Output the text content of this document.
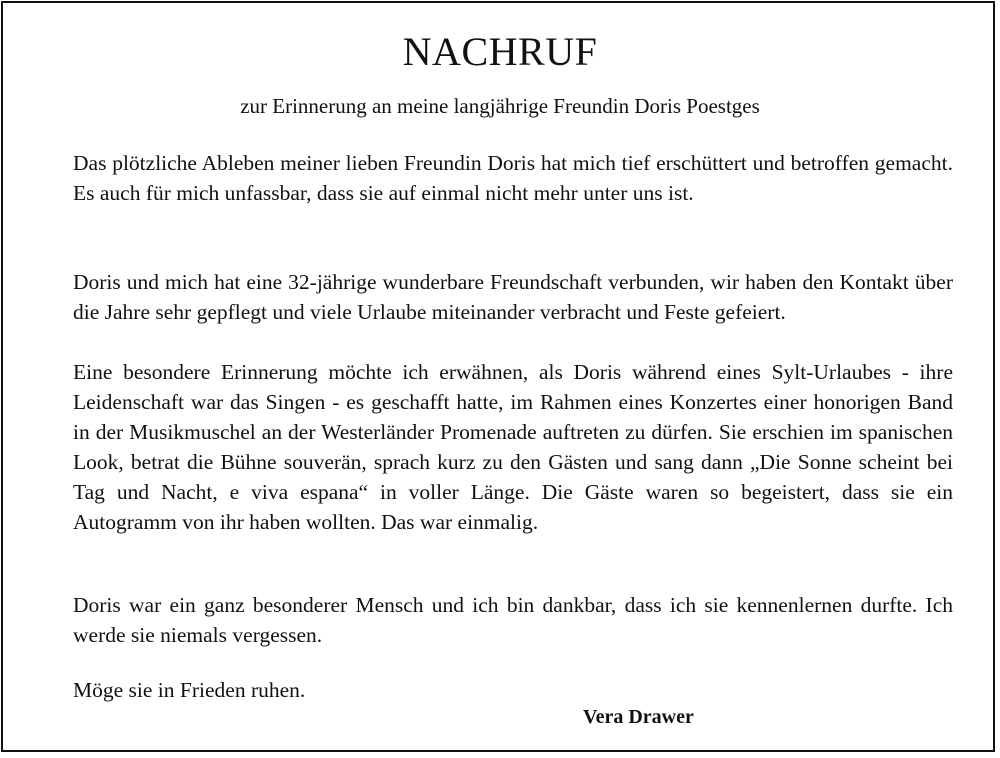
NACHRUF

zur Erinnerung an meine langjährige Freundin Doris Poestges

Das plötzliche Ableben meiner lieben Freundin Doris hat mich tief erschüttert und betroffen gemacht. Es auch für mich unfassbar, dass sie auf einmal nicht mehr unter uns ist.

Doris und mich hat eine 32-jährige wunderbare Freundschaft verbunden, wir haben den Kontakt über die Jahre sehr gepflegt und viele Urlaube miteinander verbracht und Feste gefeiert.

Eine besondere Erinnerung möchte ich erwähnen, als Doris während eines Sylt-Urlaubes - ihre Leidenschaft war das Singen - es geschafft hatte, im Rahmen eines Konzertes einer honorigen Band in der Musikmuschel an der Westerländer Promenade auftreten zu dürfen. Sie erschien im spanischen Look, betrat die Bühne souverän, sprach kurz zu den Gästen und sang dann „Die Sonne scheint bei Tag und Nacht, e viva espana“ in voller Länge. Die Gäste waren so begeistert, dass sie ein Autogramm von ihr haben wollten. Das war einmalig.

Doris war ein ganz besonderer Mensch und ich bin dankbar, dass ich sie kennenlernen durfte. Ich werde sie niemals vergessen.

Möge sie in Frieden ruhen.

Vera Drawer
